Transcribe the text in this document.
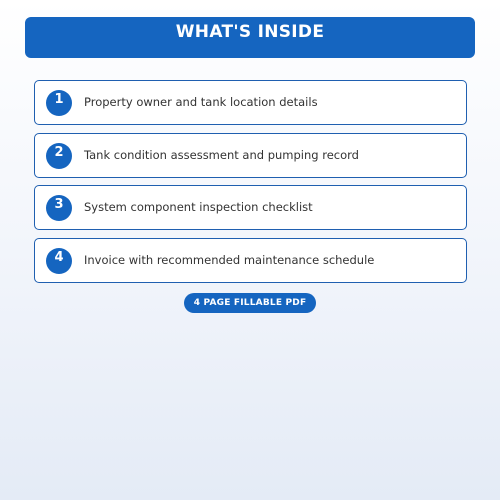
WHAT'S INSIDE
1	Property owner and tank location details
2	Tank condition assessment and pumping record
3	System component inspection checklist
4	Invoice with recommended maintenance schedule
4 PAGE FILLABLE PDF
